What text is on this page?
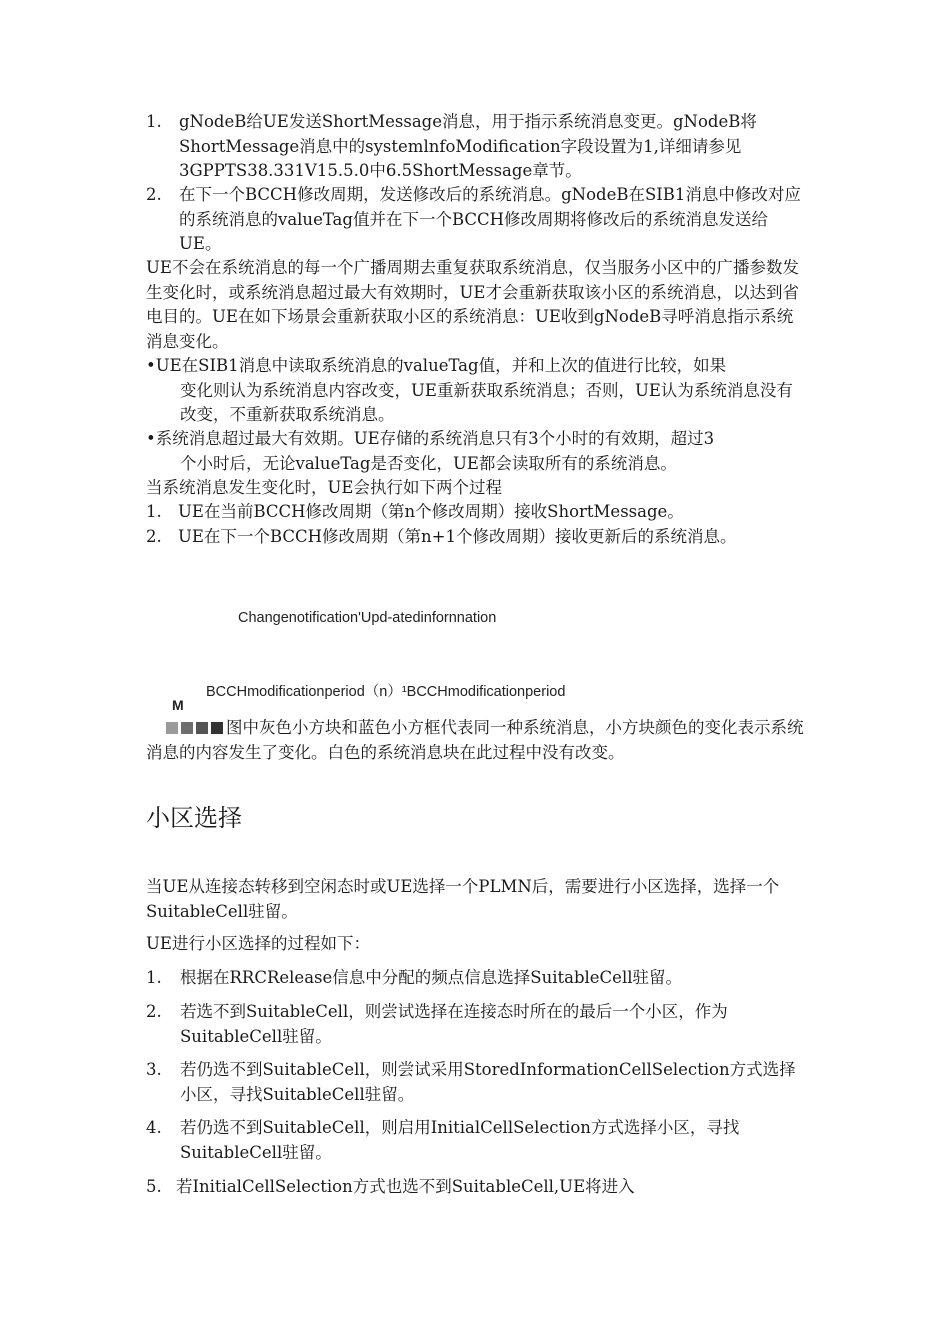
1.	gNodeB给UE发送ShortMessage消息，用于指示系统消息变更。gNodeB将ShortMessage消息中的systemlnfoModification字段设置为1,详细请参见3GPPTS38.331V15.5.0中6.5ShortMessage章节。
2.	在下一个BCCH修改周期，发送修改后的系统消息。gNodeB在SIB1消息中修改对应的系统消息的valueTag值并在下一个BCCH修改周期将修改后的系统消息发送给UE。

UE不会在系统消息的每一个广播周期去重复获取系统消息，仅当服务小区中的广播参数发生变化时，或系统消息超过最大有效期时，UE才会重新获取该小区的系统消息，以达到省电目的。UE在如下场景会重新获取小区的系统消息：UE收到gNodeB寻呼消息指示系统消息变化。

•UE在SIB1消息中读取系统消息的valueTag值，并和上次的值进行比较，如果
变化则认为系统消息内容改变，UE重新获取系统消息；否则，UE认为系统消息没有改变，不重新获取系统消息。
•系统消息超过最大有效期。UE存储的系统消息只有3个小时的有效期，超过3
个小时后，无论valueTag是否变化，UE都会读取所有的系统消息。

当系统消息发生变化时，UE会执行如下两个过程

1. UE在当前BCCH修改周期（第n个修改周期）接收ShortMessage。
2. UE在下一个BCCH修改周期（第n+1个修改周期）接收更新后的系统消息。
Changenotification'Upd-atedinfornnation
BCCHmodificationperiod（n）¹BCCHmodificationperiod
M
图中灰色小方块和蓝色小方框代表同一种系统消息，小方块颜色的变化表示系统消息的内容发生了变化。白色的系统消息块在此过程中没有改变。
小区选择

当UE从连接态转移到空闲态时或UE选择一个PLMN后，需要进行小区选择，选择一个SuitableCell驻留。

UE进行小区选择的过程如下：

1.	根据在RRCRelease信息中分配的频点信息选择SuitableCell驻留。
2.	若选不到SuitableCell，则尝试选择在连接态时所在的最后一个小区，作为SuitableCell驻留。
3.	若仍选不到SuitableCell，则尝试采用StoredInformationCellSelection方式选择小区，寻找SuitableCell驻留。
4.	若仍选不到SuitableCell，则启用InitialCellSelection方式选择小区，寻找SuitableCell驻留。
5. 若InitialCellSelection方式也选不到SuitableCell,UE将进入
